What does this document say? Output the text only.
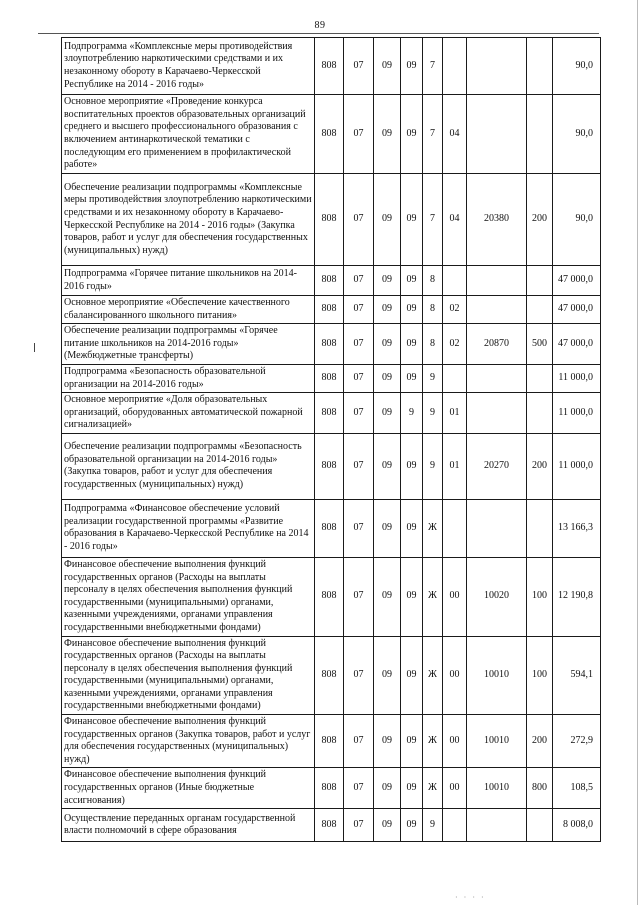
89
· · · ·
Подпрограмма «Комплексные меры противодействия злоупотреблению наркотическими средствами и их незаконному обороту в Карачаево-Черкесской Республике на 2014 - 2016 годы»	808	07	09	09	7				90,0
Основное мероприятие «Проведение конкурса воспитательных проектов образовательных организаций среднего и высшего профессионального образования с включением антинаркотической тематики с последующим его применением в профилактической работе»	808	07	09	09	7	04			90,0
Обеспечение реализации подпрограммы «Комплексные меры противодействия злоупотреблению наркотическими средствами и их незаконному обороту в Карачаево-Черкесской Республике на 2014 - 2016 годы» (Закупка товаров, работ и услуг для обеспечения государственных (муниципальных) нужд)	808	07	09	09	7	04	20380	200	90,0
Подпрограмма «Горячее питание школьников на 2014-2016 годы»	808	07	09	09	8				47 000,0
Основное мероприятие «Обеспечение качественного сбалансированного школьного питания»	808	07	09	09	8	02			47 000,0
Обеспечение реализации подпрограммы «Горячее питание школьников на 2014-2016 годы» (Межбюджетные трансферты)	808	07	09	09	8	02	20870	500	47 000,0
Подпрограмма «Безопасность образовательной организации на 2014-2016 годы»	808	07	09	09	9				11 000,0
Основное мероприятие «Доля образовательных организаций, оборудованных автоматической пожарной сигнализацией»	808	07	09	9	9	01			11 000,0
Обеспечение реализации подпрограммы «Безопасность образовательной организации на 2014-2016 годы» (Закупка товаров, работ и услуг для обеспечения государственных (муниципальных) нужд)	808	07	09	09	9	01	20270	200	11 000,0
Подпрограмма «Финансовое обеспечение условий реализации государственной программы «Развитие образования в Карачаево-Черкесской Республике на 2014 - 2016 годы»	808	07	09	09	Ж				13 166,3
Финансовое обеспечение выполнения функций государственных органов (Расходы на выплаты персоналу в целях обеспечения выполнения функций государственными (муниципальными) органами, казенными учреждениями, органами управления государственными внебюджетными фондами)	808	07	09	09	Ж	00	10020	100	12 190,8
Финансовое обеспечение выполнения функций государственных органов (Расходы на выплаты персоналу в целях обеспечения выполнения функций государственными (муниципальными) органами, казенными учреждениями, органами управления государственными внебюджетными фондами)	808	07	09	09	Ж	00	10010	100	594,1
Финансовое обеспечение выполнения функций государственных органов (Закупка товаров, работ и услуг для обеспечения государственных (муниципальных) нужд)	808	07	09	09	Ж	00	10010	200	272,9
Финансовое обеспечение выполнения функций государственных органов (Иные бюджетные ассигнования)	808	07	09	09	Ж	00	10010	800	108,5
Осуществление переданных органам государственной власти полномочий в сфере образования	808	07	09	09	9				8 008,0
